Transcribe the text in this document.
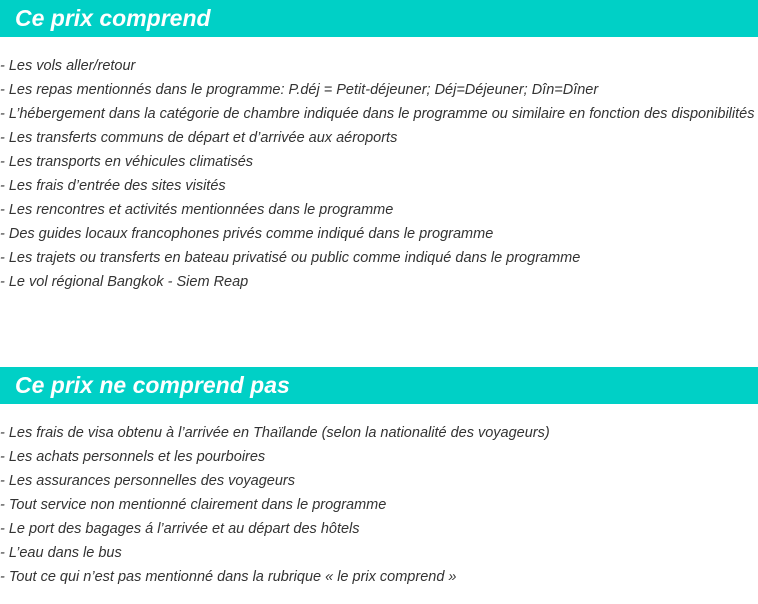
Ce prix comprend
- Les vols aller/retour
- Les repas mentionnés dans le programme: P.déj = Petit-déjeuner; Déj=Déjeuner; Dîn=Dîner
- L’hébergement dans la catégorie de chambre indiquée dans le programme ou similaire en fonction des disponibilités
- Les transferts communs de départ et d’arrivée aux aéroports
- Les transports en véhicules climatisés
- Les frais d’entrée des sites visités
- Les rencontres et activités mentionnées dans le programme
- Des guides locaux francophones privés comme indiqué dans le programme
- Les trajets ou transferts en bateau privatisé ou public comme indiqué dans le programme
- Le vol régional Bangkok - Siem Reap
Ce prix ne comprend pas
- Les frais de visa obtenu à l’arrivée en Thaïlande (selon la nationalité des voyageurs)
- Les achats personnels et les pourboires
- Les assurances personnelles des voyageurs
- Tout service non mentionné clairement dans le programme
- Le port des bagages á l’arrivée et au départ des hôtels
- L’eau dans le bus
- Tout ce qui n’est pas mentionné dans la rubrique « le prix comprend »
